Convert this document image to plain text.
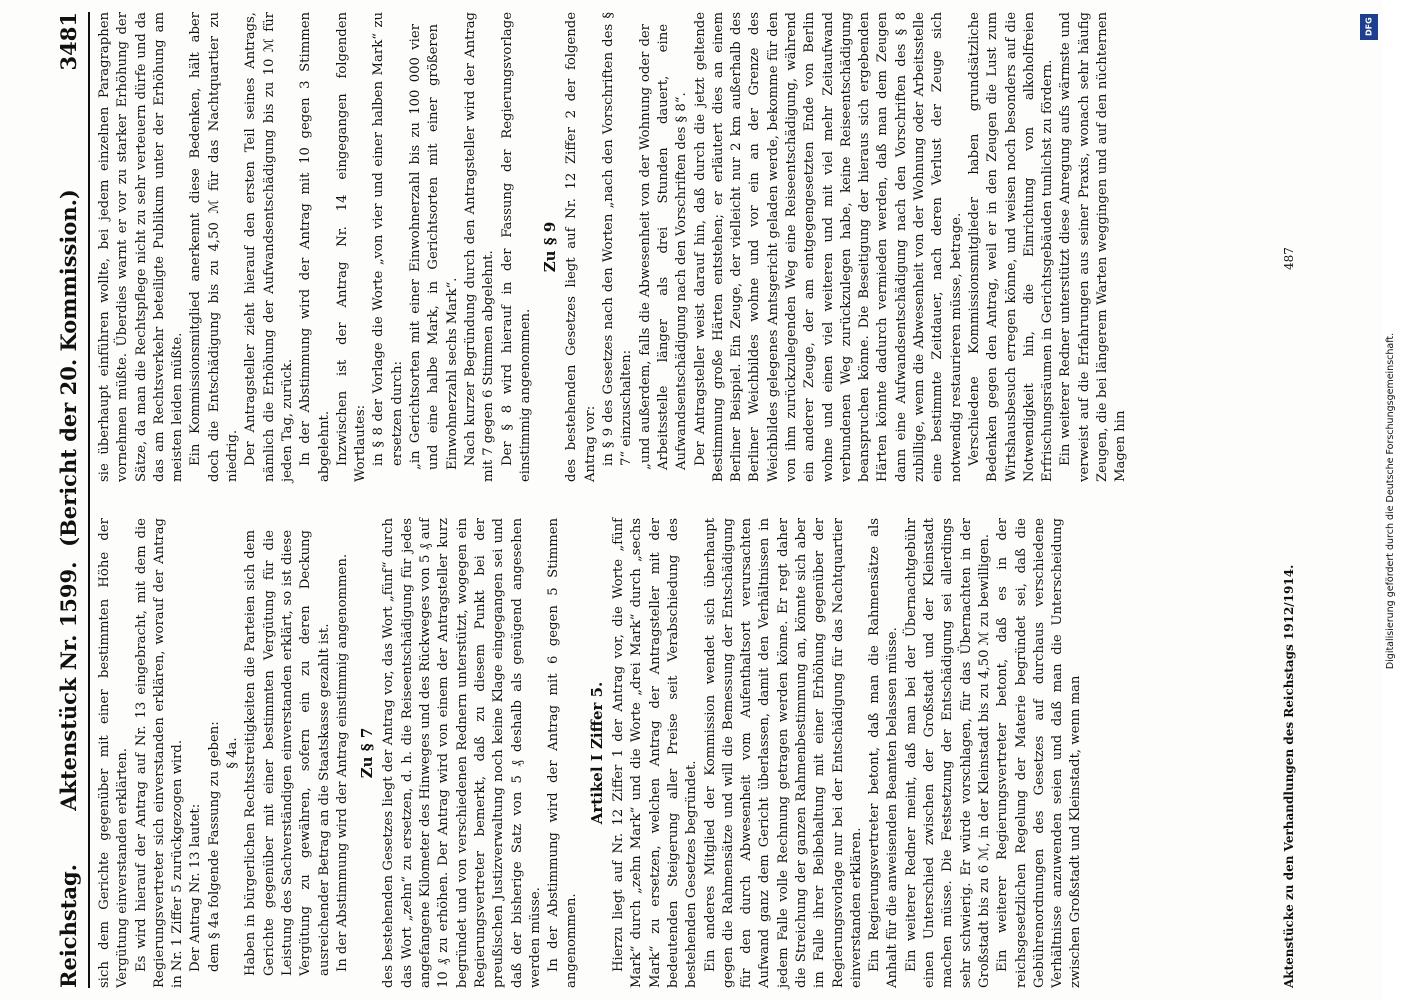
Reichstag.
Aktenstück Nr. 1599.  (Bericht der 20. Kommission.)
3481

sich dem Gerichte gegenüber mit einer bestimmten Höhe der Vergütung einverstanden erklärten. Es wird hierauf der Antrag auf Nr. 13 eingebracht, mit dem die Regierungsvertreter sich einverstanden erklären, worauf der Antrag in Nr. 1 Ziffer 5 zurückgezogen wird. Der Antrag Nr. 13 lautet: dem § 4a folgende Fassung zu geben: § 4a. Haben in bürgerlichen Rechtsstreitigkeiten die Parteien sich dem Gerichte gegenüber mit einer bestimmten Vergütung für die Leistung des Sachverständigen einverstanden erklärt, so ist diese Vergütung zu gewähren, sofern ein zu deren Deckung ausreichender Betrag an die Staatskasse gezahlt ist. In der Abstimmung wird der Antrag einstimmig angenommen. Zu § 7 des bestehenden Gesetzes liegt der Antrag vor, das Wort „fünf“ durch das Wort „zehn“ zu ersetzen, d. h. die Reiseentschädigung für jedes angefangene Kilometer des Hinweges und des Rückweges von 5 ₰ auf 10 ₰ zu erhöhen. Der Antrag wird von einem der Antragsteller kurz begründet und von verschiedenen Rednern unterstützt, wogegen ein Regierungsvertreter bemerkt, daß zu diesem Punkt bei der preußischen Justizverwaltung noch keine Klage eingegangen sei und daß der bisherige Satz von 5 ₰ deshalb als genügend angesehen werden müsse. In der Abstimmung wird der Antrag mit 6 gegen 5 Stimmen angenommen.

Artikel I Ziffer 5. Hierzu liegt auf Nr. 12 Ziffer 1 der Antrag vor, die Worte „fünf Mark“ durch „zehn Mark“ und die Worte „drei Mark“ durch „sechs Mark“ zu ersetzen, welchen Antrag der Antragsteller mit der bedeutenden Steigerung aller Preise seit Verabschiedung des bestehenden Gesetzes begründet. Ein anderes Mitglied der Kommission wendet sich überhaupt gegen die Rahmensätze und will die Bemessung der Entschädigung für den durch Abwesenheit vom Aufenthaltsort verursachten Aufwand ganz dem Gericht überlassen, damit den Verhältnissen in jedem Falle volle Rechnung getragen werden könne. Er regt daher die Streichung der ganzen Rahmenbestimmung an, könnte sich aber im Falle ihrer Beibehaltung mit einer Erhöhung gegenüber der Regierungsvorlage nur bei der Entschädigung für das Nachtquartier einverstanden erklären. Ein Regierungsvertreter betont, daß man die Rahmensätze als Anhalt für die anweisenden Beamten belassen müsse. Ein weiterer Redner meint, daß man bei der Übernachtgebühr einen Unterschied zwischen der Großstadt und der Kleinstadt machen müsse. Die Festsetzung der Entschädigung sei allerdings sehr schwierig. Er würde vorschlagen, für das Übernachten in der Großstadt bis zu 6 ℳ, in der Kleinstadt bis zu 4,50 ℳ zu bewilligen. Ein weiterer Regierungsvertreter betont, daß es in der reichsgesetzlichen Regelung der Materie begründet sei, daß die Gebührenordnungen des Gesetzes auf durchaus verschiedene Verhältnisse anzuwenden seien und daß man die Unterscheidung zwischen Großstadt und Kleinstadt, wenn man

sie überhaupt einführen wollte, bei jedem einzelnen Paragraphen vornehmen müßte. Überdies warnt er vor zu starker Erhöhung der Sätze, da man die Rechtspflege nicht zu sehr verteuern dürfe und da das am Rechtsverkehr beteiligte Publikum unter der Erhöhung am meisten leiden müßte. Ein Kommissionsmitglied anerkennt diese Bedenken, hält aber doch die Entschädigung bis zu 4,50 ℳ für das Nachtquartier zu niedrig. Der Antragsteller zieht hierauf den ersten Teil seines Antrags, nämlich die Erhöhung der Aufwandsentschädigung bis zu 10 ℳ für jeden Tag, zurück. In der Abstimmung wird der Antrag mit 10 gegen 3 Stimmen abgelehnt. Inzwischen ist der Antrag Nr. 14 eingegangen folgenden Wortlautes: in § 8 der Vorlage die Worte „von vier und einer halben Mark“ zu ersetzen durch: „in Gerichtsorten mit einer Einwohnerzahl bis zu 100 000 vier und eine halbe Mark, in Gerichtsorten mit einer größeren Einwohnerzahl sechs Mark“. Nach kurzer Begründung durch den Antragsteller wird der Antrag mit 7 gegen 6 Stimmen abgelehnt. Der § 8 wird hierauf in der Fassung der Regierungsvorlage einstimmig angenommen.

Zu § 9 des bestehenden Gesetzes liegt auf Nr. 12 Ziffer 2 der folgende Antrag vor: in § 9 des Gesetzes nach den Worten „nach den Vorschriften des § 7“ einzuschalten: „und außerdem, falls die Abwesenheit von der Wohnung oder der Arbeitsstelle länger als drei Stunden dauert, eine Aufwandsentschädigung nach den Vorschriften des § 8“. Der Antragsteller weist darauf hin, daß durch die jetzt geltende Bestimmung große Härten entstehen; er erläutert dies an einem Berliner Beispiel. Ein Zeuge, der vielleicht nur 2 km außerhalb des Berliner Weichbildes wohne und vor ein an der Grenze des Weichbildes gelegenes Amtsgericht geladen werde, bekomme für den von ihm zurückzulegenden Weg eine Reiseentschädigung, während ein anderer Zeuge, der am entgegengesetzten Ende von Berlin wohne und einen viel weiteren und mit viel mehr Zeitaufwand verbundenen Weg zurückzulegen habe, keine Reiseentschädigung beanspruchen könne. Die Beseitigung der hieraus sich ergebenden Härten könnte dadurch vermieden werden, daß man dem Zeugen dann eine Aufwandsentschädigung nach den Vorschriften des § 8 zubillige, wenn die Abwesenheit von der Wohnung oder Arbeitsstelle eine bestimmte Zeitdauer, nach deren Verlust der Zeuge sich notwendig restaurieren müsse, betrage. Verschiedene Kommissionsmitglieder haben grundsätzliche Bedenken gegen den Antrag, weil er in den Zeugen die Lust zum Wirtshausbesuch erregen könne, und weisen noch besonders auf die Notwendigkeit hin, die Einrichtung von alkoholfreien Erfrischungsräumen in Gerichtsgebäuden tunlichst zu fördern. Ein weiterer Redner unterstützt diese Anregung aufs wärmste und verweist auf die Erfahrungen aus seiner Praxis, wonach sehr häufig Zeugen, die bei längerem Warten weggingen und auf den nüchternen Magen hin

Aktenstücke zu den Verhandlungen des Reichstags 1912/1914.
487
DFG
Digitalisierung gefördert durch die Deutsche Forschungsgemeinschaft.
